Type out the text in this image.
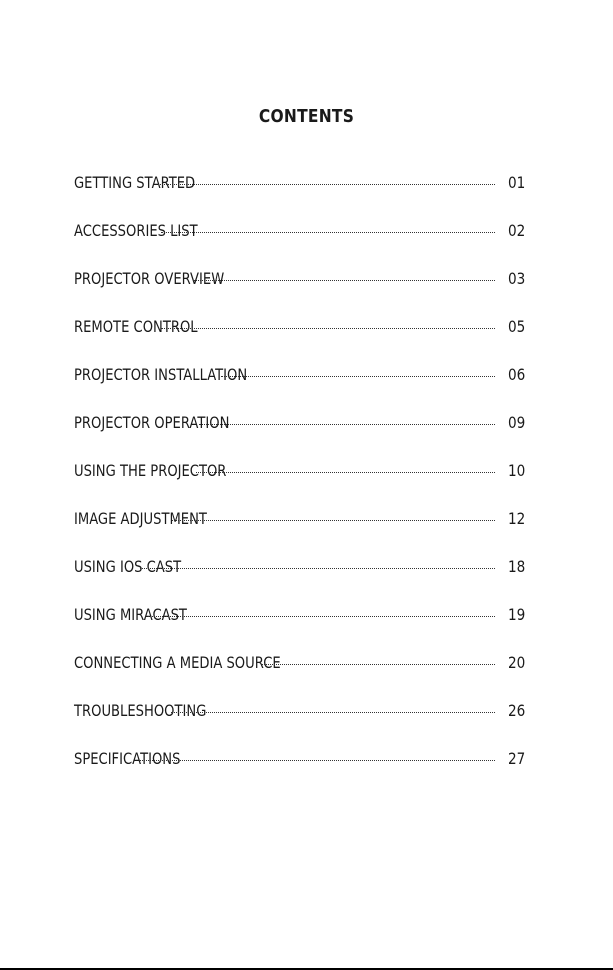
CONTENTS
GETTING STARTED	01
ACCESSORIES LIST	02
PROJECTOR OVERVIEW	03
REMOTE CONTROL	05
PROJECTOR INSTALLATION	06
PROJECTOR OPERATION	09
USING THE PROJECTOR	10
IMAGE ADJUSTMENT	12
USING IOS CAST	18
USING MIRACAST	19
CONNECTING A MEDIA SOURCE	20
TROUBLESHOOTING	26
SPECIFICATIONS	27
